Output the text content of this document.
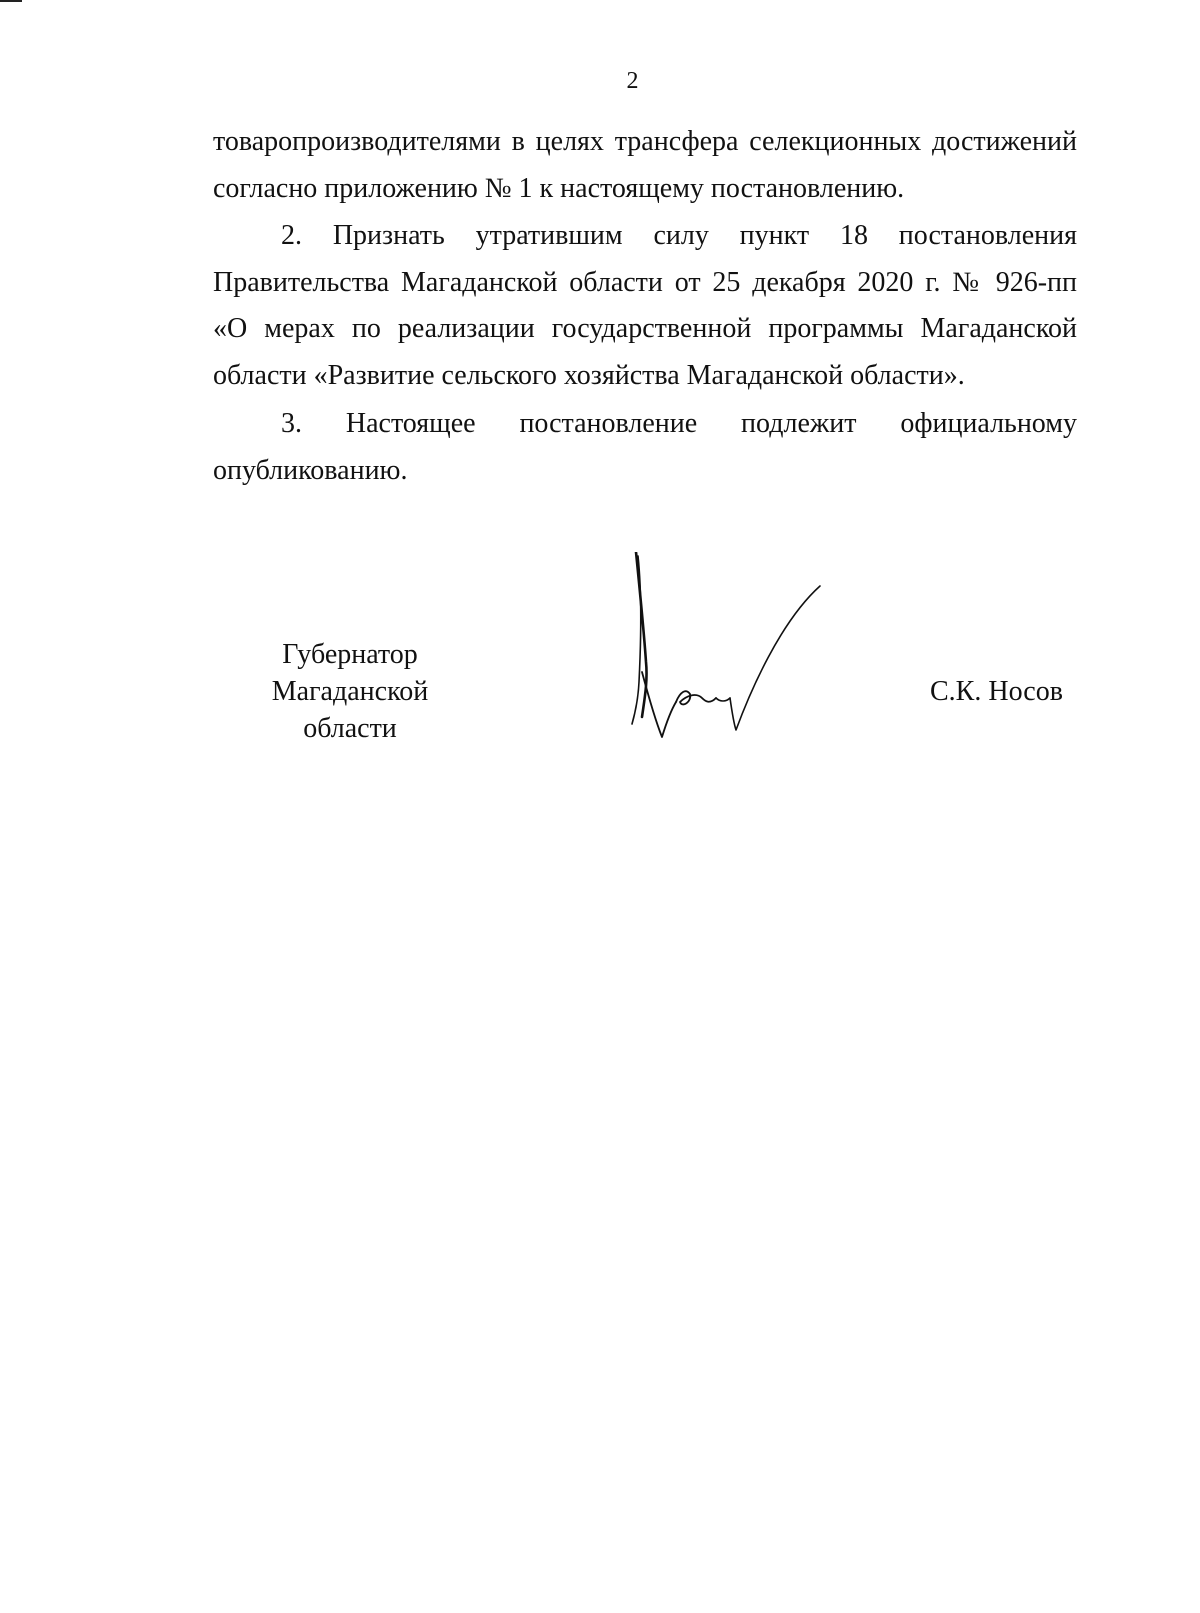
2
товаропроизводителями в целях трансфера селекционных достижений
согласно приложению № 1 к настоящему постановлению.
2. Признать утратившим силу пункт 18 постановления
Правительства Магаданской области от 25 декабря 2020 г. № 926-пп
«О мерах по реализации государственной программы Магаданской
области «Развитие сельского хозяйства Магаданской области».
3. Настоящее постановление подлежит официальному
опубликованию.
Губернатор
Магаданской области
С.К. Носов
